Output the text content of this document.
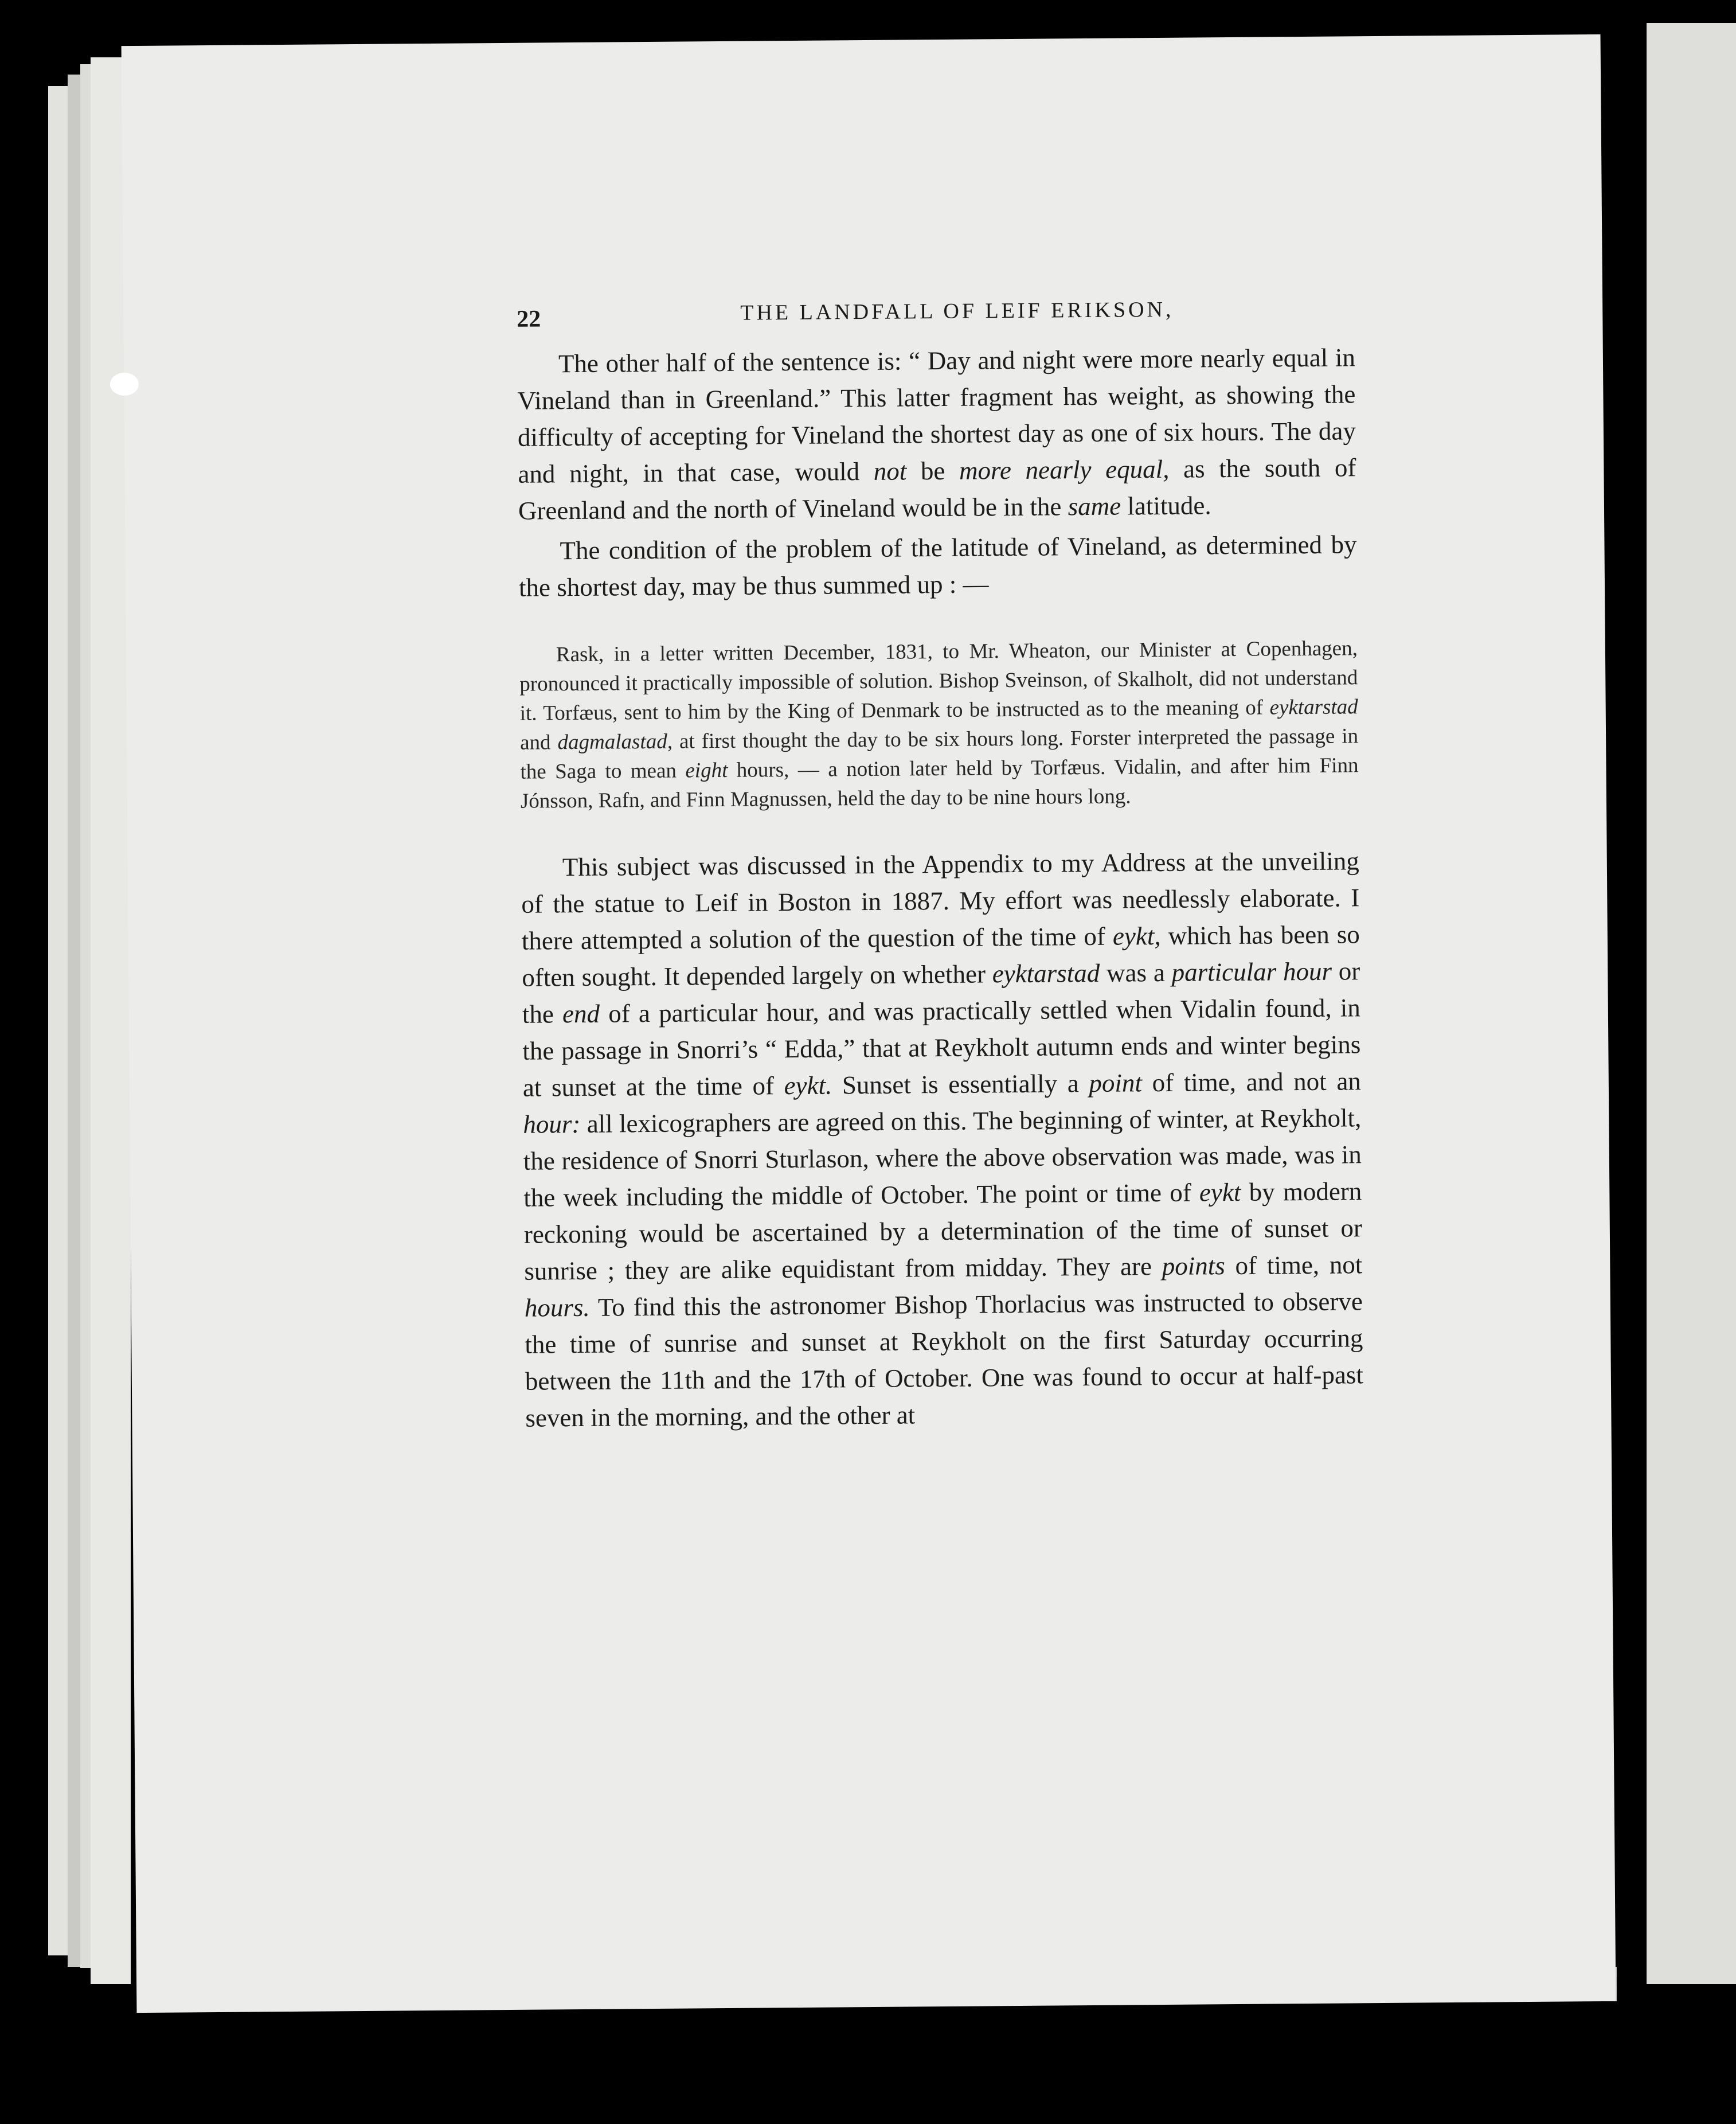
22	THE LANDFALL OF LEIF ERIKSON,

The other half of the sentence is: “ Day and night were more nearly equal in Vineland than in Greenland.” This latter fragment has weight, as showing the difficulty of accepting for Vineland the shortest day as one of six hours. The day and night, in that case, would not be more nearly equal, as the south of Greenland and the north of Vineland would be in the same latitude.

The condition of the problem of the latitude of Vineland, as determined by the shortest day, may be thus summed up : —

Rask, in a letter written December, 1831, to Mr. Wheaton, our Minister at Copenhagen, pronounced it practically impossible of solution. Bishop Sveinson, of Skalholt, did not understand it. Torfæus, sent to him by the King of Denmark to be instructed as to the meaning of eyktarstad and dagmalastad, at first thought the day to be six hours long. Forster interpreted the passage in the Saga to mean eight hours, — a notion later held by Torfæus. Vidalin, and after him Finn Jónsson, Rafn, and Finn Magnussen, held the day to be nine hours long.

This subject was discussed in the Appendix to my Address at the unveiling of the statue to Leif in Boston in 1887. My effort was needlessly elaborate. I there attempted a solution of the question of the time of eykt, which has been so often sought. It depended largely on whether eyktarstad was a particular hour or the end of a particular hour, and was practically settled when Vidalin found, in the passage in Snorri’s “ Edda,” that at Reykholt autumn ends and winter begins at sunset at the time of eykt. Sunset is essentially a point of time, and not an hour: all lexicographers are agreed on this. The beginning of winter, at Reykholt, the residence of Snorri Sturlason, where the above observation was made, was in the week including the middle of October. The point or time of eykt by modern reckoning would be ascertained by a determination of the time of sunset or sunrise ; they are alike equidistant from midday. They are points of time, not hours. To find this the astronomer Bishop Thorlacius was instructed to observe the time of sunrise and sunset at Reykholt on the first Saturday occurring between the 11th and the 17th of October. One was found to occur at half-past seven in the morning, and the other at
